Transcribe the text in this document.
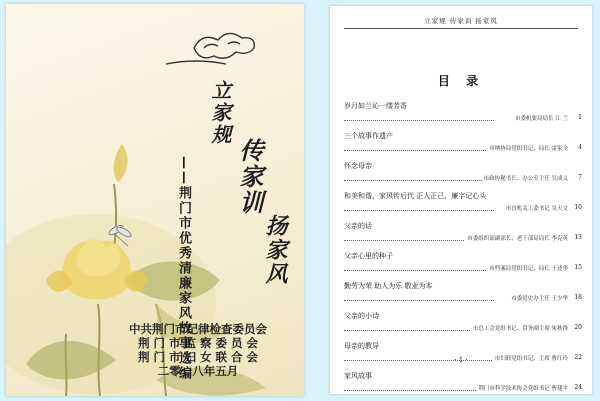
立家规
传家训
扬家风
——荆门市优秀清廉家风故事选编
中共荆门市纪律检查委员会
荆 门 市 监 察 委 员 会
荆 门 市 妇 女 联 合 会
二零一八年五月
立家规 传家训 扬家风
目 录
岁月如兰沁一缕芳香
市委机要局局长 江 兰	1
三个故事作遗产
市纳协局党组书记、局长 雷家全	4
怀念母亲
市政协秘书长、办公室主任 吴成义	7
和美和谐，家风传后代 正人正己，廉字记心头
市直机关工委书记 吴天文	10
父亲的话
市委组织部副部长、老干部局局长 李克英	13
父亲心里的种子
市档案局党组书记、局长 王述华	15
勤劳为荣 助人为乐 敬业为本
市委党史办主任 王少华	18
父亲的小诗
市总工会党组书记、常务副主席 朱秋锋	20
母亲的教导
市妇联党组书记、主席 曹红玲	22
家风故事
荆门市科学技术协会党组书记 曹建平	24
· 1 ·
